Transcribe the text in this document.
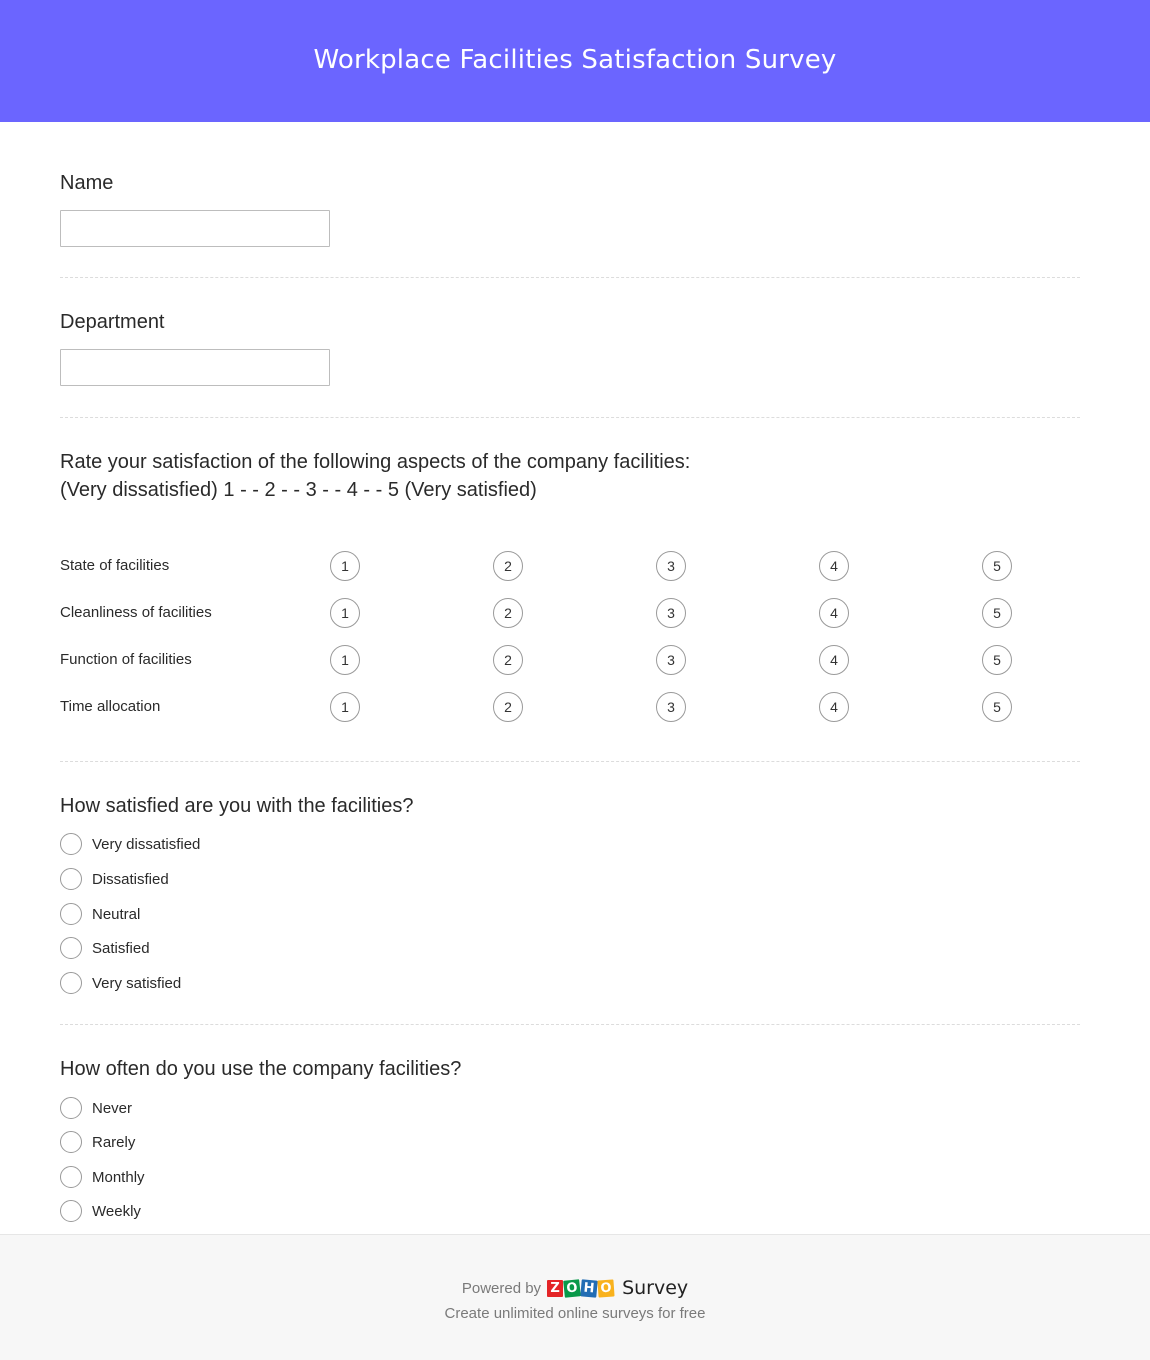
Workplace Facilities Satisfaction Survey
Name
Department
Rate your satisfaction of the following aspects of the company facilities:
(Very dissatisfied) 1 - - 2 - - 3 - - 4 - - 5 (Very satisfied)
State of facilities	1	2	3	4	5
Cleanliness of facilities	1	2	3	4	5
Function of facilities	1	2	3	4	5
Time allocation	1	2	3	4	5
How satisfied are you with the facilities?
Very dissatisfied
Dissatisfied
Neutral
Satisfied
Very satisfied
How often do you use the company facilities?
Never
Rarely
Monthly
Weekly
Powered by Z O H O Survey
Create unlimited online surveys for free
